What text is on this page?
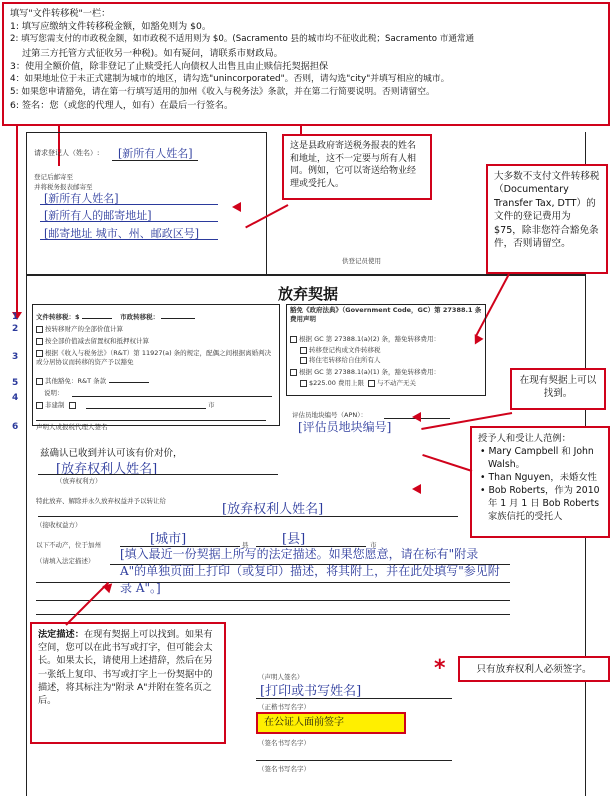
填写"文件转移税"一栏：
1: 填写应缴纳文件转移税金额，如豁免则为 $0。
2: 填写您需支付的市政税金额，如市政税不适用则为 $0。(Sacramento 县的城市均不征收此税；Sacramento 市通常通
过第三方托管方式征收另一种税)。如有疑问，请联系市财政局。
3：使用全额价值，除非登记了止赎受托人向债权人出售且由止赎信托契据担保
4：如果地址位于未正式建制为城市的地区，请勾选"unincorporated"。否则，请勾选"city"并填写相应的城市。
5: 如果您申请豁免，请在第一行填写适用的加州《收入与税务法》条款，并在第二行简要说明。否则请留空。
6: 签名：您（或您的代理人，如有）在最后一行签名。
请求登记人（姓名）: [新所有人姓名]
登记后邮寄至
并将税务报表邮寄至
[新所有人姓名]
[新所有人的邮寄地址]
[邮寄地址 城市、州、邮政区号]
这是县政府寄送税务报表的姓名和地址，这不一定要与所有人相同。例如，它可以寄送给物业经理或受托人。
供登记员使用
大多数不支付文件转移税（Documentary Transfer Tax, DTT）的文件的登记费用为 $75，除非您符合豁免条件，否则请留空。
放弃契据
1
2
3
5
4
6
文件转移税：$	市政转移税：
按转移财产的全部价值计算
按全部价值减去留置权和抵押权计算
根据《收入与税务法》（R&T）第 11927(a) 条的规定，配偶之间根据离婚判决或分居协议而转移的资产予以豁免
其他豁免：R&T 条款
说明：
非建制	市
声明人或报税代理人签名
豁免《政府法典》（Government Code，GC）第 27388.1 条费用声明
根据 GC 第 27388.1(a)(2) 条，豁免转移费用：
转移登记构成文件转移税
将住宅转移给自住所有人
根据 GC 第 27388.1(a)(1) 条，豁免转移费用：
$225.00 费用上限 与不动产无关
评估员地块编号（APN）：
[评估员地块编号]
在现有契据上可以找到。
兹确认已收到并认可该有价对价，
[放弃权利人姓名]
（放弃权利方）
特此放弃、解除并永久放弃权益并予以转让给
[放弃权利人姓名]
（接收权益方）
授予人和受让人范例：
• Mary Campbell 和 John Walsh。
• Than Nguyen，未婚女性
• Bob Roberts，作为 2010 年 1 月 1 日 Bob Roberts 家族信托的受托人
以下不动产，位于加州	[城市]	县	[县]	市
（请填入法定描述） [填入最近一份契据上所写的法定描述。如果您愿意，请在标有"附录 A"的单独页面上打印（或复印）描述，将其附上，并在此处填写"参见附录 A"。]
法定描述：在现有契据上可以找到。如果有空间，您可以在此书写或打字，但可能会太长。如果太长，请使用上述措辞，然后在另一张纸上复印、书写或打字上一份契据中的描述，将其标注为"附录 A"并附在签名页之后。
（声明人签名）
[打印或书写姓名]
（正楷书写名字）
在公证人面前签字
（签名书写名字）
（签名书写名字）
*	只有放弃权利人必须签字。
